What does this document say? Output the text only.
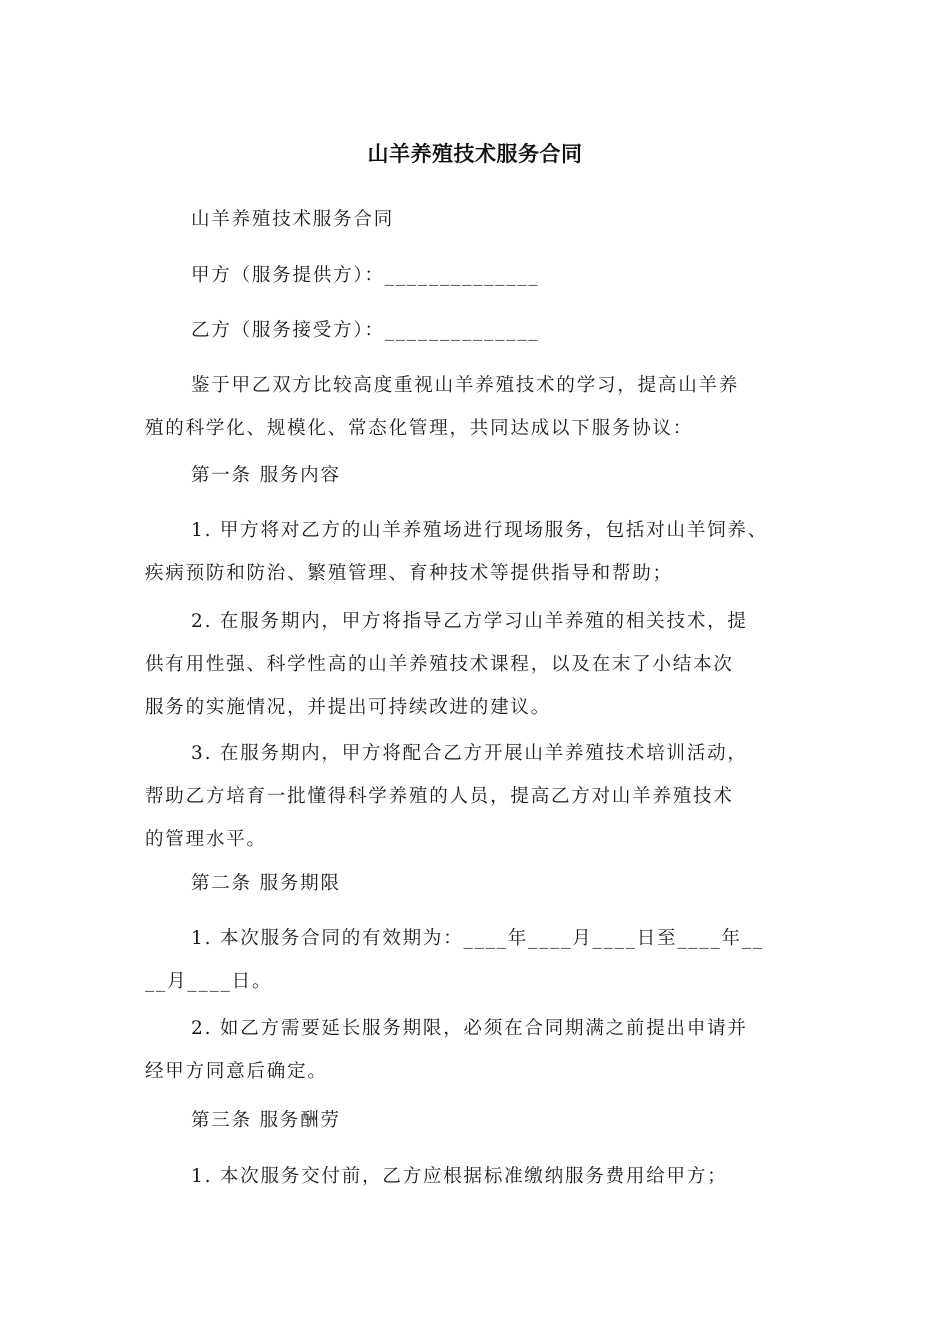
山羊养殖技术服务合同
山羊养殖技术服务合同
甲方（服务提供方）：______________
乙方（服务接受方）：______________
鉴于甲乙双方比较高度重视山羊养殖技术的学习，提高山羊养
殖的科学化、规模化、常态化管理，共同达成以下服务协议：
第一条 服务内容
1. 甲方将对乙方的山羊养殖场进行现场服务，包括对山羊饲养、
疾病预防和防治、繁殖管理、育种技术等提供指导和帮助；
2. 在服务期内，甲方将指导乙方学习山羊养殖的相关技术，提
供有用性强、科学性高的山羊养殖技术课程，以及在末了小结本次
服务的实施情况，并提出可持续改进的建议。
3. 在服务期内，甲方将配合乙方开展山羊养殖技术培训活动，
帮助乙方培育一批懂得科学养殖的人员，提高乙方对山羊养殖技术
的管理水平。
第二条 服务期限
1. 本次服务合同的有效期为：____年____月____日至____年__
__月____日。
2. 如乙方需要延长服务期限，必须在合同期满之前提出申请并
经甲方同意后确定。
第三条 服务酬劳
1. 本次服务交付前，乙方应根据标准缴纳服务费用给甲方；
